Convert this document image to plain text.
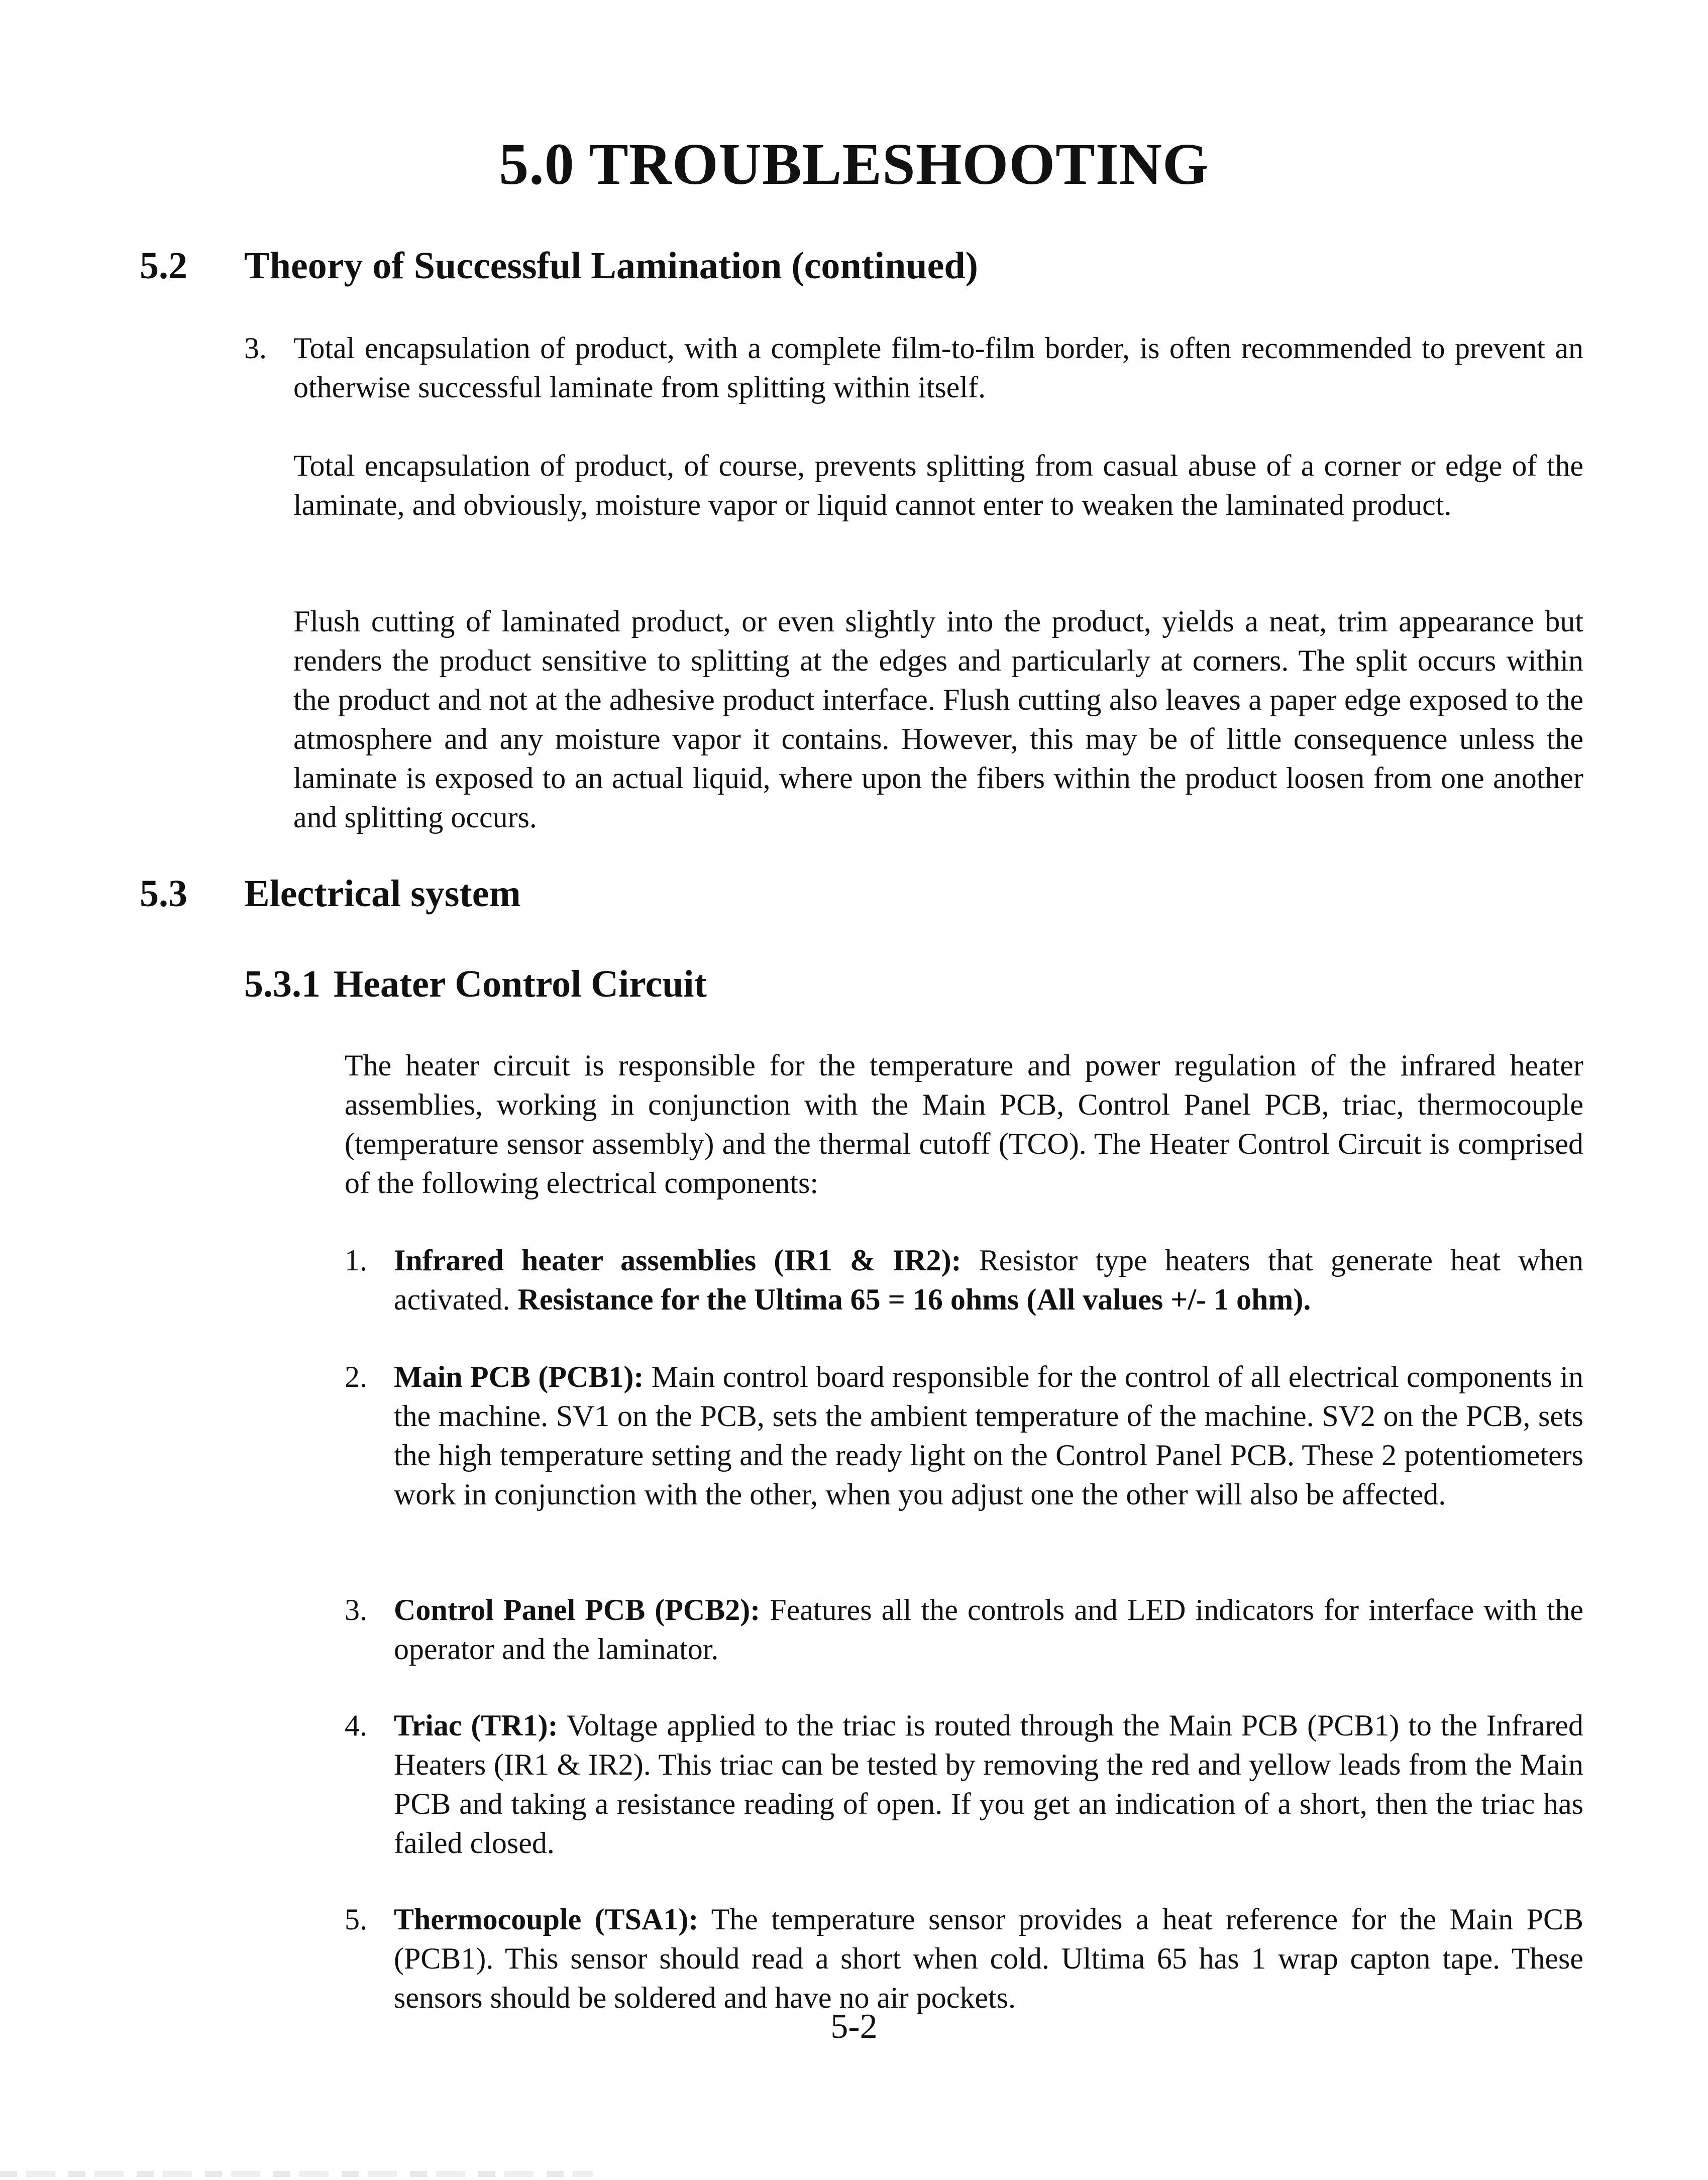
5.0 TROUBLESHOOTING
5.2 Theory of Successful Lamination (continued)
3. Total encapsulation of product, with a complete film-to-film border, is often recommended to prevent an otherwise successful laminate from splitting within itself.
Total encapsulation of product, of course, prevents splitting from casual abuse of a corner or edge of the laminate, and obviously, moisture vapor or liquid cannot enter to weaken the laminated product.
Flush cutting of laminated product, or even slightly into the product, yields a neat, trim appearance but renders the product sensitive to splitting at the edges and particularly at corners. The split occurs within the product and not at the adhesive product interface. Flush cutting also leaves a paper edge exposed to the atmosphere and any moisture vapor it contains. However, this may be of little consequence unless the laminate is exposed to an actual liquid, where upon the fibers within the product loosen from one another and splitting occurs.
5.3 Electrical system
5.3.1 Heater Control Circuit
The heater circuit is responsible for the temperature and power regulation of the infrared heater assemblies, working in conjunction with the Main PCB, Control Panel PCB, triac, thermocouple (temperature sensor assembly) and the thermal cutoff (TCO). The Heater Control Circuit is comprised of the following electrical components:
1. Infrared heater assemblies (IR1 & IR2): Resistor type heaters that generate heat when activated. Resistance for the Ultima 65 = 16 ohms (All values +/- 1 ohm).
2. Main PCB (PCB1): Main control board responsible for the control of all electrical components in the machine. SV1 on the PCB, sets the ambient temperature of the machine. SV2 on the PCB, sets the high temperature setting and the ready light on the Control Panel PCB. These 2 potentiometers work in conjunction with the other, when you adjust one the other will also be affected.
3. Control Panel PCB (PCB2): Features all the controls and LED indicators for interface with the operator and the laminator.
4. Triac (TR1): Voltage applied to the triac is routed through the Main PCB (PCB1) to the Infrared Heaters (IR1 & IR2). This triac can be tested by removing the red and yellow leads from the Main PCB and taking a resistance reading of open. If you get an indication of a short, then the triac has failed closed.
5. Thermocouple (TSA1): The temperature sensor provides a heat reference for the Main PCB (PCB1). This sensor should read a short when cold. Ultima 65 has 1 wrap capton tape. These sensors should be soldered and have no air pockets.
5-2
